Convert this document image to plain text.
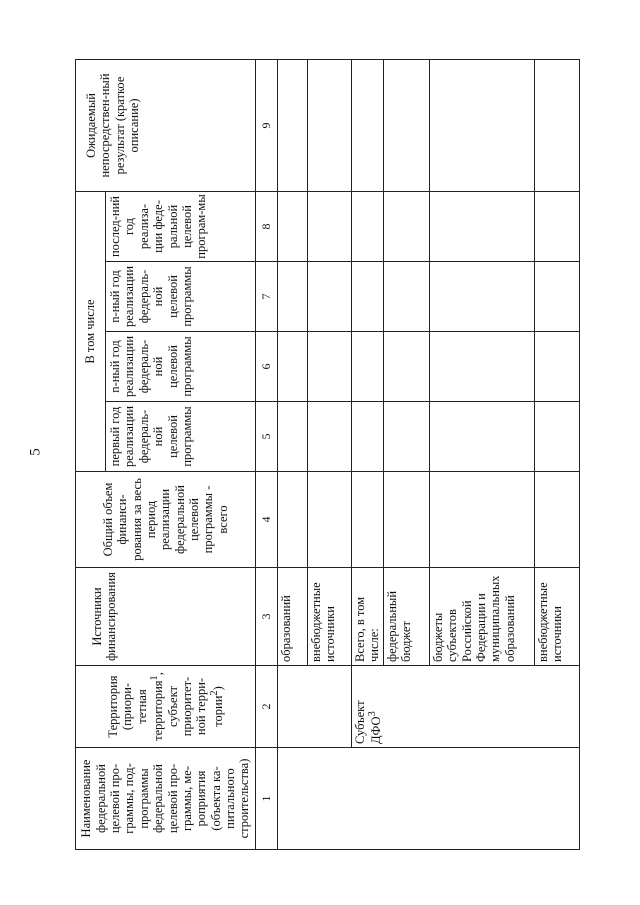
5
Наименование федеральной целевой про-граммы, под-программы федеральной целевой про-граммы, ме-роприятия (объекта ка-питального строительства)	Территория (приори-тетная территория$^1$, субъект приоритет-ной терри-тории$^2$)	Источники финансирования	Общий объем финанси-рования за весь период реализации федеральной целевой программы - всего	В том числе				Ожидаемый непосредствен-ный результат (краткое описание)
				первый год реализации федераль-ной целевой программы	n-ный год реализации федераль-ной целевой программы	n-ный год реализации федераль-ной целевой программы	послед-ний год реализа-ции феде-ральной целевой програм-мы	
1	2	3	4	5	6	7	8	9
		образований						
		внебюджетные источники						
	Субъект ДФО$^3$	Всего, в том числе:						
		федеральный бюджет						
		бюджеты субъектов Российской Федерации и муниципальных образований						
		внебюджетные источники						
